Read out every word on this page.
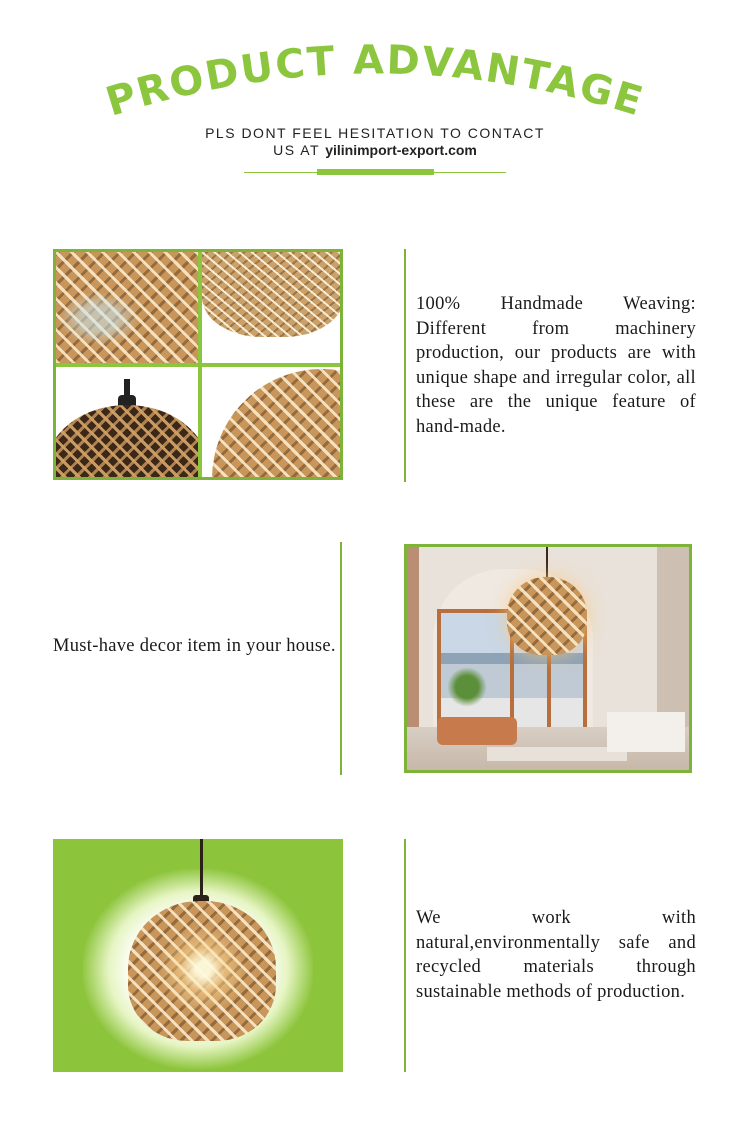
PRODUCT ADVANTAGE
PLS DONT FEEL HESITATION TO CONTACT
US AT yilinimport-export.com
100% Handmade Weaving: Different from machinery production, our products are with unique shape and irregular color, all these are the unique feature of hand-made.
Must-have decor item in your house.
We work with natural,environmentally safe and recycled materials through sustainable methods of production.
